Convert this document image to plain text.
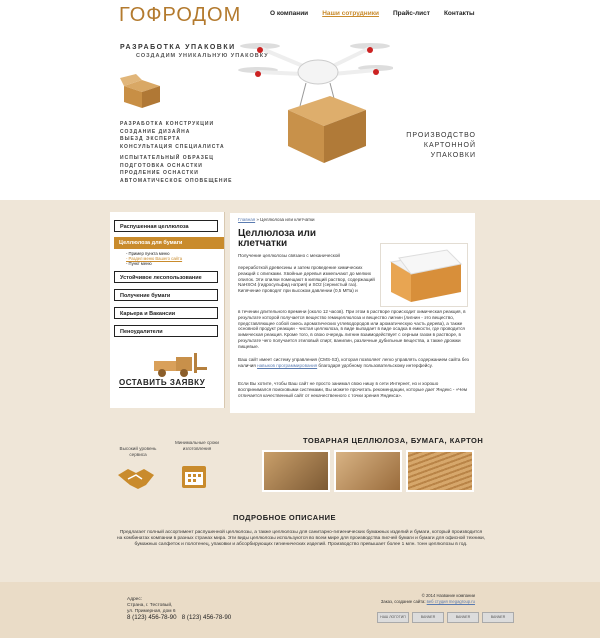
ГОФРОДОМ	О компании Наши сотрудники Прайс-лист Контакты
РАЗРАБОТКА УПАКОВКИ
СОЗДАДИМ УНИКАЛЬНУЮ УПАКОВКУ
РАЗРАБОТКА КОНСТРУКЦИИ
СОЗДАНИЕ ДИЗАЙНА
ВЫЕЗД ЭКСПЕРТА
КОНСУЛЬТАЦИЯ СПЕЦИАЛИСТА
ИСПЫТАТЕЛЬНЫЙ ОБРАЗЕЦ
ПОДГОТОВКА ОСНАСТКИ
ПРОДЛЕНИЕ ОСНАСТКИ
АВТОМАТИЧЕСКОЕ ОПОВЕЩЕНИЕ
ПРОИЗВОДСТВО
КАРТОННОЙ
УПАКОВКИ
Распушенная целлюлоза
Целлюлоза для бумаги
- Пример пункта меню
- Раздел меню Вашего сайта
- Пункт меню
Устойчивое лесопользование
Получение бумаги
Карьера и Вакансии
Пеноудалители
ОСТАВИТЬ ЗАЯВКУ
Главная » Целлюлоза или клетчатки
Целлюлоза или
клетчатки
Получение целлюлозы связано с механической
переработкой древесины и затем проведение химических реакций с опилками. Хвойные деревья измельчают до мелких опилок. Эти опилки помещают в кипящий раствор, содержащий NaHSO4 (гидросульфид натрия) и SO2 (сернистый газ). Кипячение проводят при высоком давлении (0,5 МПа) и
в течении длительного времени (около 12 часов). При этом в растворе происходит химическая реакция, в результате которой получается вещество гемицеллюлоза и вещество лигнин (лигнин - это вещество, представляющее собой смесь ароматических углеводородов или ароматическую часть дерева), а также основной продукт реакции - чистая целлюлоза, в виде выпадает в виде осадка в емкости, где проводится химическая реакция. Кроме того, в свою очередь лигнин взаимодействует с серным газом в растворе, в результате чего получается этиловый спирт, ванилин, различные дубильные вещества, а также дрожжи пищевые.
Ваш сайт имеет систему управления (CMS-S3), которая позволяет легко управлять содержанием сайта без наличия навыков программирования благодаря удобному пользовательскому интерфейсу.
Если Вы хотите, чтобы Ваш сайт не просто занимал свою нишу в сети Интернет, но и хорошо воспринимался поисковыми системами, Вы можете прочитать рекомендации, которые дает Яндекс - «Чем отличается качественный сайт от некачественного с точки зрения Яндекса».
Высокий уровень сервиса
Минимальные сроки изготовления
ТОВАРНАЯ ЦЕЛЛЮЛОЗА, БУМАГА, КАРТОН
ПОДРОБНОЕ ОПИСАНИЕ
Предлагает полный ассортимент распушенной целлюлозы, а также целлюлозы для санитарно-гигиенических бумажных изделий и бумаги, который производится на комбинатах компании в разных странах мира. Эти виды целлюлозы используются во всем мире для производства писчей бумаги и бумаги для офисной техники, бумажных салфеток и полотенец, упаковки и абсорбирующих гигиенических изделий. Производство превышает более 1 млн. тонн целлюлозы в год.
Адрес:
Страна, г. Тестовый,
ул. Примерная, дом 6
8 (123) 456-78-90 8 (123) 456-78-90
© 2014 Название компании
Заказ, создание сайта: веб студия megagroup.ru
НАШ ЛОГОТИП	BANNER	BANNER	BANNER
